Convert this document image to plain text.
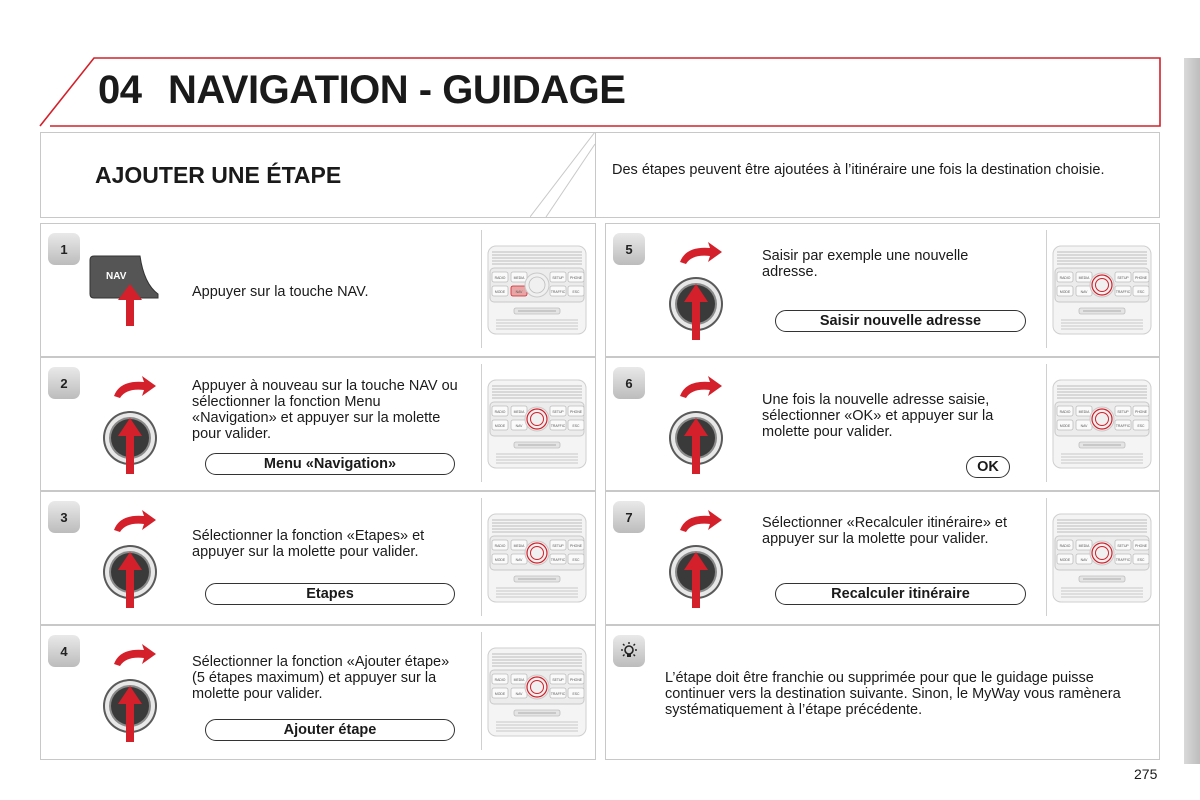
04 NAVIGATION - GUIDAGE
AJOUTER UNE ÉTAPE	Des étapes peuvent être ajoutées à l’itinéraire une fois la destination choisie.
1
2
3
4
5
6
7
NAV
Appuyer sur la touche NAV.
Appuyer à nouveau sur la touche NAV ou sélectionner la fonction Menu «Navigation» et appuyer sur la molette pour valider.
Sélectionner la fonction «Etapes» et appuyer sur la molette pour valider.
Sélectionner la fonction «Ajouter étape» (5 étapes maximum) et appuyer sur la molette pour valider.
Saisir par exemple une nouvelle adresse.
Une fois la nouvelle adresse saisie, sélectionner «OK» et appuyer sur la molette pour valider.
Sélectionner «Recalculer itinéraire» et appuyer sur la molette pour valider.
Menu «Navigation»
Etapes
Ajouter étape
Saisir nouvelle adresse
OK
Recalculer itinéraire
RADIO MEDIA	SETUP PHONE
MODE	NAV	TRAFFIC ESC
RADIO MEDIA	SETUP PHONE
MODE	NAV	TRAFFIC ESC
RADIO MEDIA	SETUP PHONE
MODE	NAV	TRAFFIC ESC
RADIO MEDIA	SETUP PHONE
MODE	NAV	TRAFFIC ESC
RADIO MEDIA	SETUP PHONE
MODE	NAV	TRAFFIC ESC
RADIO MEDIA	SETUP PHONE
MODE	NAV	TRAFFIC ESC
RADIO MEDIA	SETUP PHONE
MODE	NAV	TRAFFIC ESC
L’étape doit être franchie ou supprimée pour que le guidage puisse continuer vers la destination suivante. Sinon, le MyWay vous ramènera systématiquement à l’étape précédente.
275
